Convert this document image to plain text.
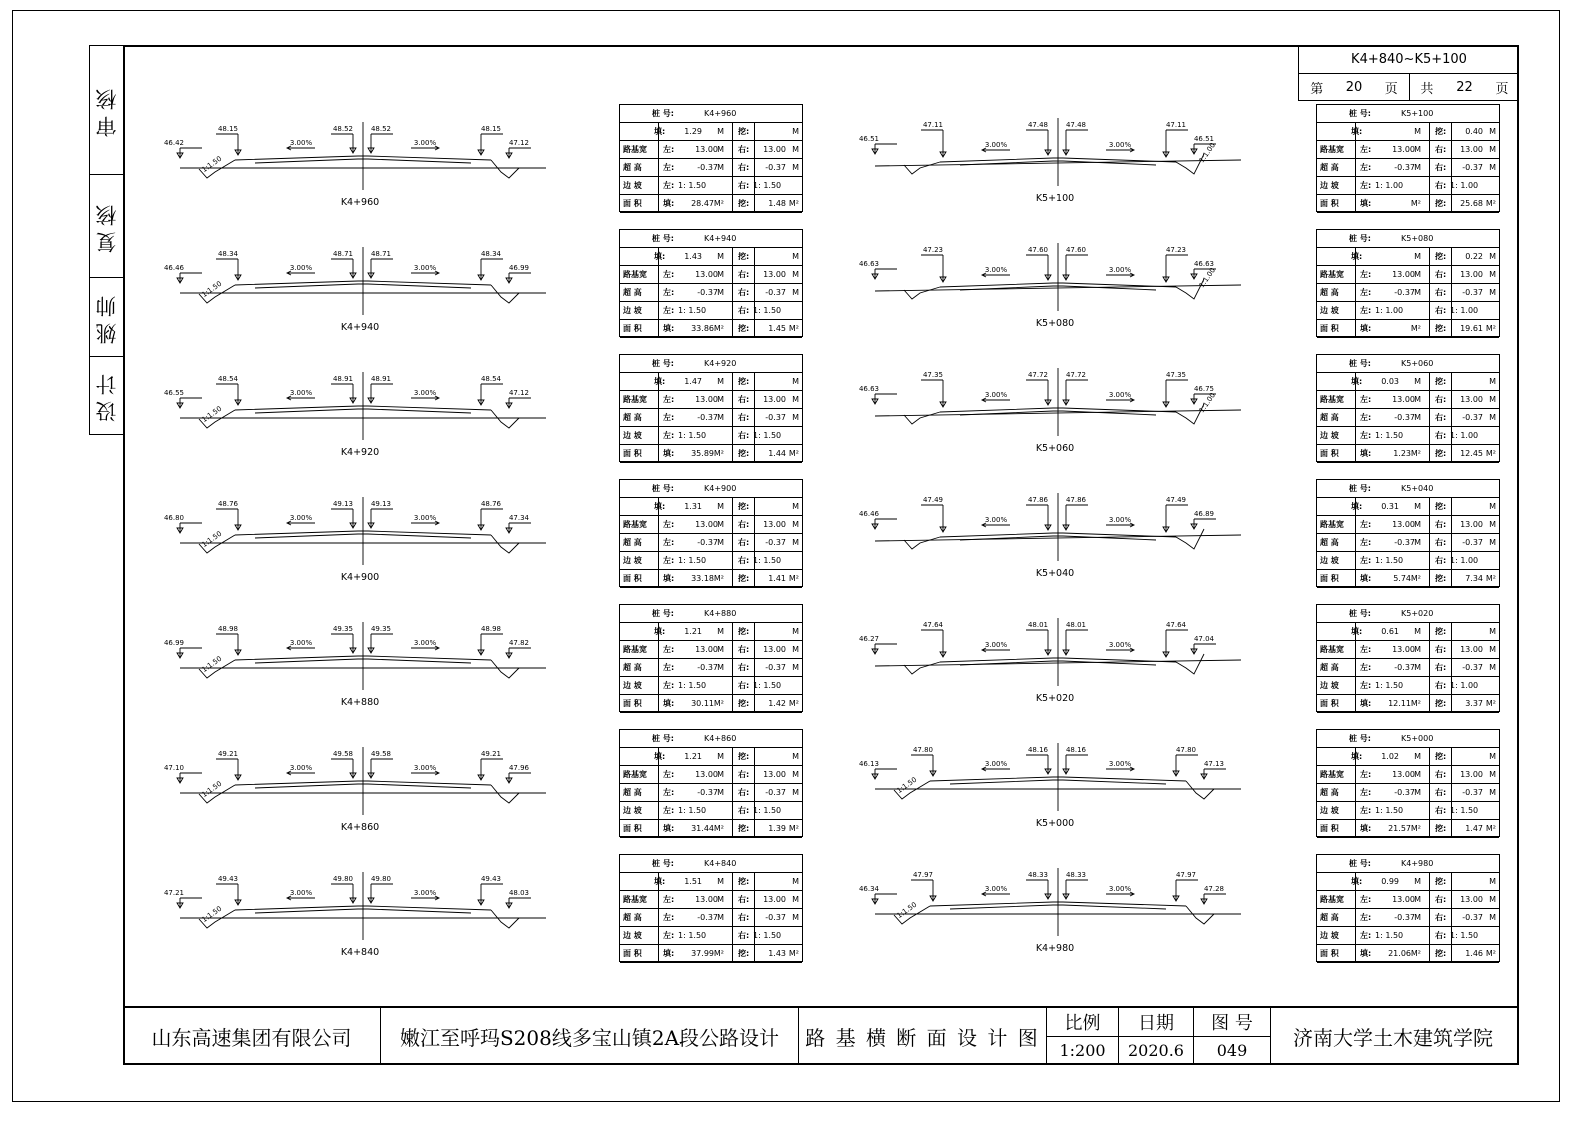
审核
复核
姚帅
设计
K4+840~K5+100
第 20 页 共 22 页
46.42
48.15	48.52	48.52	48.15
47.12
3.00%	3.00%
1:1.50
K4+960
46.46
48.34	48.71	48.71	48.34
46.99
3.00%	3.00%
1:1.50
K4+940
46.55
48.54	48.91	48.91	48.54
47.12
3.00%	3.00%
1:1.50
K4+920
46.80
48.76	49.13	49.13	48.76
47.34
3.00%	3.00%
1:1.50
K4+900
46.99
48.98	49.35	49.35	48.98
47.82
3.00%	3.00%
1:1.50
K4+880
47.10
49.21	49.58	49.58	49.21
47.96
3.00%	3.00%
1:1.50
K4+860
47.21
49.43	49.80	49.80	49.43
48.03
3.00%	3.00%
1:1.50
K4+840
46.51
47.11	47.48	47.48	47.11
46.51
3.00%	3.00%	1:1.00
K5+100
46.63
47.23	47.60	47.60	47.23
46.63
3.00%	3.00%	1:1.00
K5+080
46.63
47.35	47.72	47.72	47.35
46.75
3.00%	3.00%	1:1.00
K5+060
46.46
47.49	47.86	47.86	47.49
46.89
3.00%	3.00%
K5+040
46.27
47.64	48.01	48.01	47.64
47.04
3.00%	3.00%
K5+020
46.13
47.80	48.16	48.16	47.80
47.13
3.00%	3.00%
1:1.50
K5+000
46.34
47.97	48.33	48.33	47.97
47.28
3.00%	3.00%
1:1.50
K4+980
桩 号:	K4+960
填: 1.29 M 挖:	M
路基宽 左:	右:
13.00 M	13.00 M
超 高	左:	右:
-0.37 M	-0.37 M
边 坡	左:	右:
1: 1.50	1: 1.50
面 积	填: 28.47 M² 挖: 1.48 M²
桩 号:	K4+940
填: 1.43 M 挖:	M
路基宽 左:	右:
13.00 M	13.00 M
超 高	左:	右:
-0.37 M	-0.37 M
边 坡	左:	右:
1: 1.50	1: 1.50
面 积	填: 33.86 M² 挖: 1.45 M²
桩 号:	K4+920
填: 1.47 M 挖:	M
路基宽 左:	右:
13.00 M	13.00 M
超 高	左:	右:
-0.37 M	-0.37 M
边 坡	左:	右:
1: 1.50	1: 1.50
面 积	填: 35.89 M² 挖: 1.44 M²
桩 号:	K4+900
填: 1.31 M 挖:	M
路基宽 左:	右:
13.00 M	13.00 M
超 高	左:	右:
-0.37 M	-0.37 M
边 坡	左:	右:
1: 1.50	1: 1.50
面 积	填: 33.18 M² 挖: 1.41 M²
桩 号:	K4+880
填: 1.21 M 挖:	M
路基宽 左:	右:
13.00 M	13.00 M
超 高	左:	右:
-0.37 M	-0.37 M
边 坡	左:	右:
1: 1.50	1: 1.50
面 积	填: 30.11 M² 挖: 1.42 M²
桩 号:	K4+860
填: 1.21 M 挖:	M
路基宽 左:	右:
13.00 M	13.00 M
超 高	左:	右:
-0.37 M	-0.37 M
边 坡	左:	右:
1: 1.50	1: 1.50
面 积	填: 31.44 M² 挖: 1.39 M²
桩 号:	K4+840
填: 1.51 M 挖:	M
路基宽 左:	右:
13.00 M	13.00 M
超 高	左:	右:
-0.37 M	-0.37 M
边 坡	左:	右:
1: 1.50	1: 1.50
面 积	填: 37.99 M² 挖: 1.43 M²
桩 号:	K5+100
填:	M 挖: 0.40 M
路基宽 左:	右:
13.00 M	13.00 M
超 高	左:	右:
-0.37 M	-0.37 M
边 坡	左:	右:
1: 1.00	1: 1.00
面 积	填:	M² 挖: 25.68 M²
桩 号:	K5+080
填:	M 挖: 0.22 M
路基宽 左:	右:
13.00 M	13.00 M
超 高	左:	右:
-0.37 M	-0.37 M
边 坡	左:	右:
1: 1.00	1: 1.00
面 积	填:	M² 挖: 19.61 M²
桩 号:	K5+060
填: 0.03 M 挖:	M
路基宽 左:	右:
13.00 M	13.00 M
超 高	左:	右:
-0.37 M	-0.37 M
边 坡	左:	右:
1: 1.50	1: 1.00
面 积	填:	1.23 M² 挖: 12.45 M²
桩 号:	K5+040
填: 0.31 M 挖:	M
路基宽 左:	右:
13.00 M	13.00 M
超 高	左:	右:
-0.37 M	-0.37 M
边 坡	左:	右:
1: 1.50	1: 1.00
面 积	填:	5.74 M² 挖: 7.34 M²
桩 号:	K5+020
填: 0.61 M 挖:	M
路基宽 左:	右:
13.00 M	13.00 M
超 高	左:	右:
-0.37 M	-0.37 M
边 坡	左:	右:
1: 1.50	1: 1.00
面 积	填: 12.11 M² 挖: 3.37 M²
桩 号:	K5+000
填: 1.02 M 挖:	M
路基宽 左:	右:
13.00 M	13.00 M
超 高	左:	右:
-0.37 M	-0.37 M
边 坡	左:	右:
1: 1.50	1: 1.50
面 积	填: 21.57 M² 挖: 1.47 M²
桩 号:	K4+980
填: 0.99 M 挖:	M
路基宽 左:	右:
13.00 M	13.00 M
超 高	左:	右:
-0.37 M	-0.37 M
边 坡	左:	右:
1: 1.50	1: 1.50
面 积	填: 21.06 M² 挖: 1.46 M²
山东高速集团有限公司	嫩江至呼玛S208线多宝山镇2A段公路设计	路 基 横 断 面 设 计 图
比例
1:200
日期
2020.6
图 号
049	济南大学土木建筑学院
